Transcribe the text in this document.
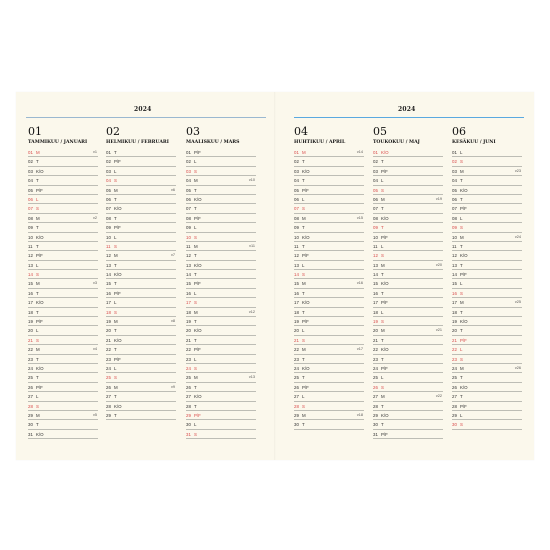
2024	2024
01
TAMMIKUU / JANUARI
01 M	v1
02 T
03 K/O
04 T
05 P/F
06 L
07 S
08 M	v2
09 T
10 K/O
11 T
12 P/F
13 L
14 S
15 M	v3
16 T
17 K/O
18 T
19 P/F
20 L
21 S
22 M	v4
23 T
24 K/O
25 T
26 P/F
27 L
28 S
29 M	v5
30 T
31 K/O
02
HELMIKUU / FEBRUARI
01 T
02 P/F
03 L
04 S
05 M	v6
06 T
07 K/O
08 T
09 P/F
10 L
11 S
12 M	v7
13 T
14 K/O
15 T
16 P/F
17 L
18 S
19 M	v8
20 T
21 K/O
22 T
23 P/F
24 L
25 S
26 M	v9
27 T
28 K/O
29 T
03
MAALISKUU / MARS
01 P/F
02 L
03 S
04 M	v10
05 T
06 K/O
07 T
08 P/F
09 L
10 S
11 M	v11
12 T
13 K/O
14 T
15 P/F
16 L
17 S
18 M	v12
19 T
20 K/O
21 T
22 P/F
23 L
24 S
25 M	v13
26 T
27 K/O
28 T
29 P/F
30 L
31 S
04
HUHTIKUU / APRIL
01 M	v14
02 T
03 K/O
04 T
05 P/F
06 L
07 S
08 M	v15
09 T
10 K/O
11 T
12 P/F
13 L
14 S
15 M	v16
16 T
17 K/O
18 T
19 P/F
20 L
21 S
22 M	v17
23 T
24 K/O
25 T
26 P/F
27 L
28 S
29 M	v18
30 T
05
TOUKOKUU / MAJ
01 K/O
02 T
03 P/F
04 L
05 S
06 M	v19
07 T
08 K/O
09 T
10 P/F
11 L
12 S
13 M	v20
14 T
15 K/O
16 T
17 P/F
18 L
19 S
20 M	v21
21 T
22 K/O
23 T
24 P/F
25 L
26 S
27 M	v22
28 T
29 K/O
30 T
31 P/F
06
KESÄKUU / JUNI
01 L
02 S
03 M	v23
04 T
05 K/O
06 T
07 P/F
08 L
09 S
10 M	v24
11 T
12 K/O
13 T
14 P/F
15 L
16 S
17 M	v25
18 T
19 K/O
20 T
21 P/F
22 L
23 S
24 M	v26
25 T
26 K/O
27 T
28 P/F
29 L
30 S
